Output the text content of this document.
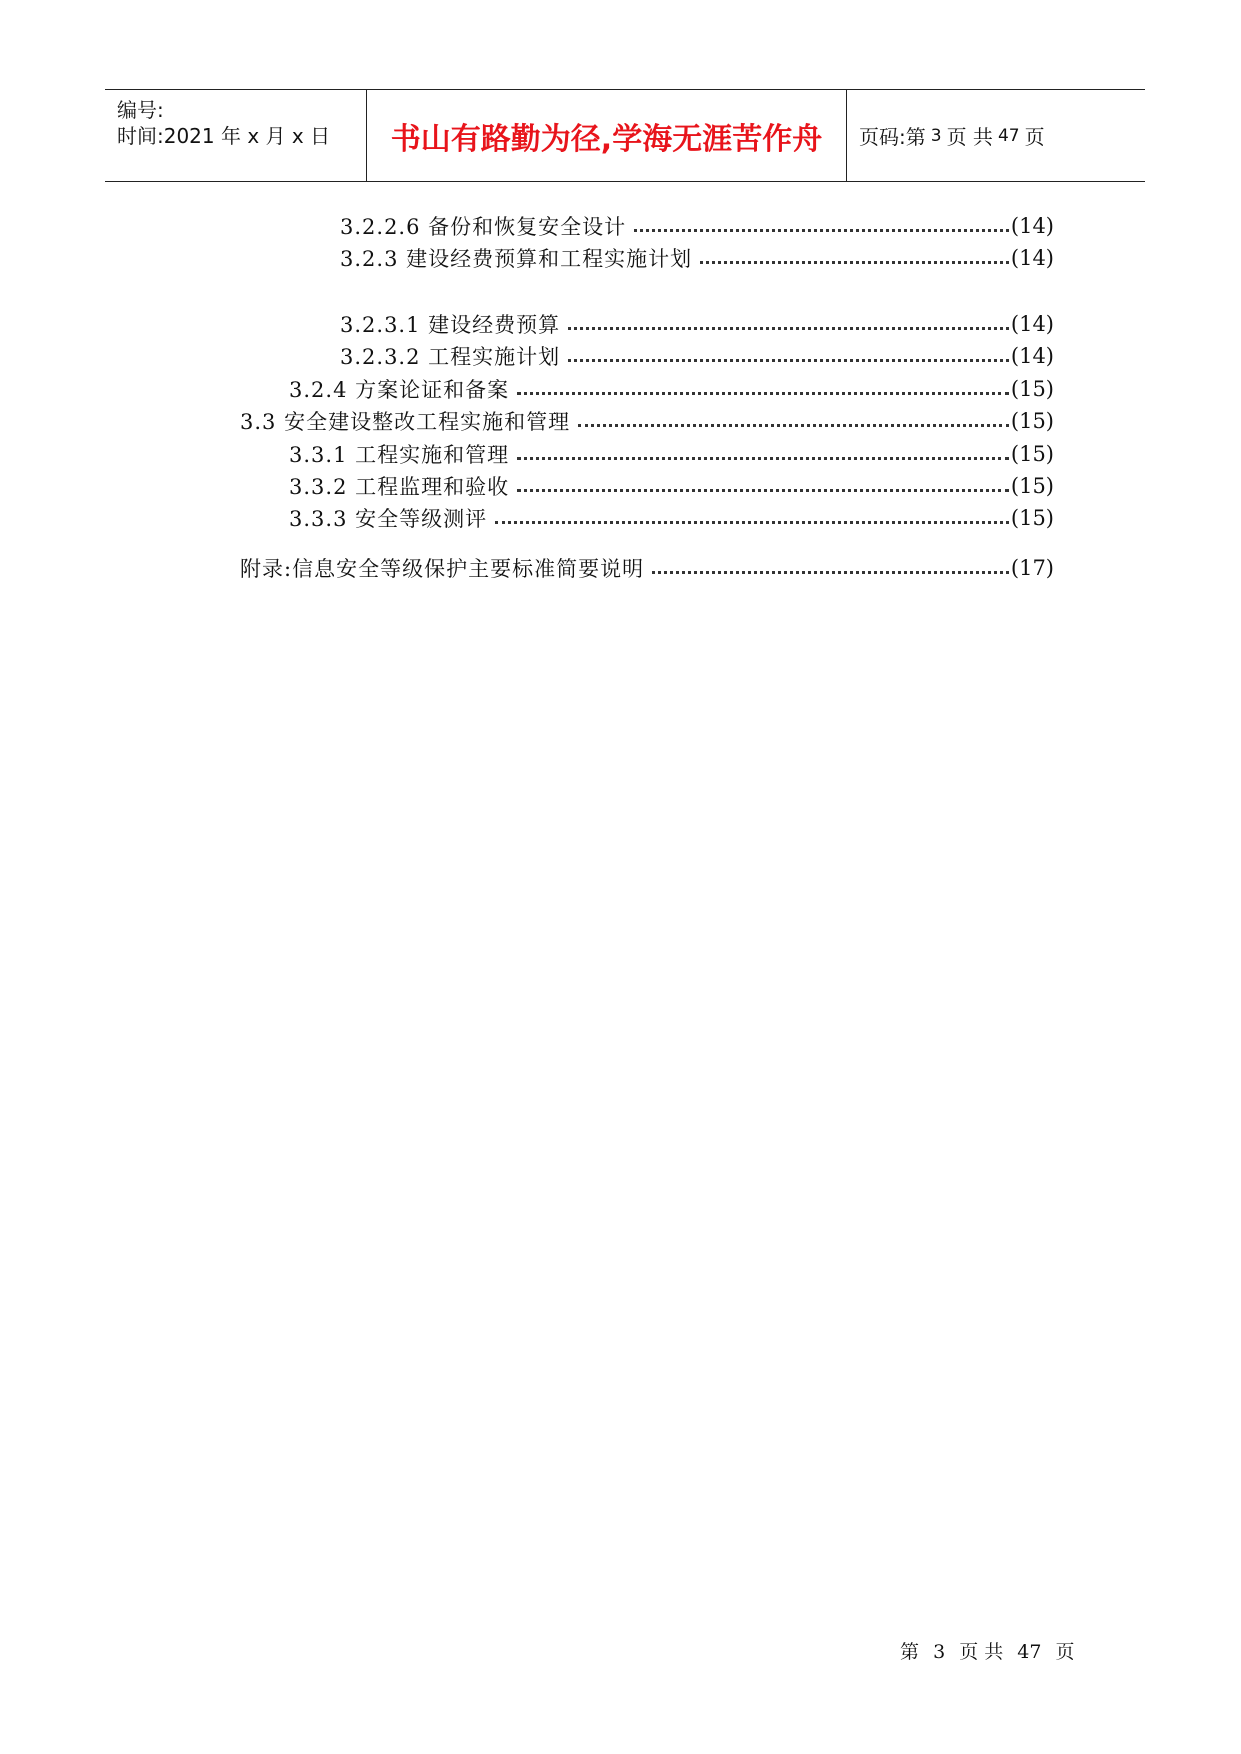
编号:
时间:2021 年 x 月 x 日	书山有路勤为径,学海无涯苦作舟	页码:第 3 页 共 47 页
3.2.2.6 备份和恢复安全设计	(14)
3.2.3 建设经费预算和工程实施计划	(14)
3.2.3.1 建设经费预算	(14)
3.2.3.2 工程实施计划	(14)
3.2.4 方案论证和备案	(15)
3.3 安全建设整改工程实施和管理	(15)
3.3.1 工程实施和管理	(15)
3.3.2 工程监理和验收	(15)
3.3.3 安全等级测评	(15)
附录:信息安全等级保护主要标准简要说明	(17)
第 3 页 共 47 页
